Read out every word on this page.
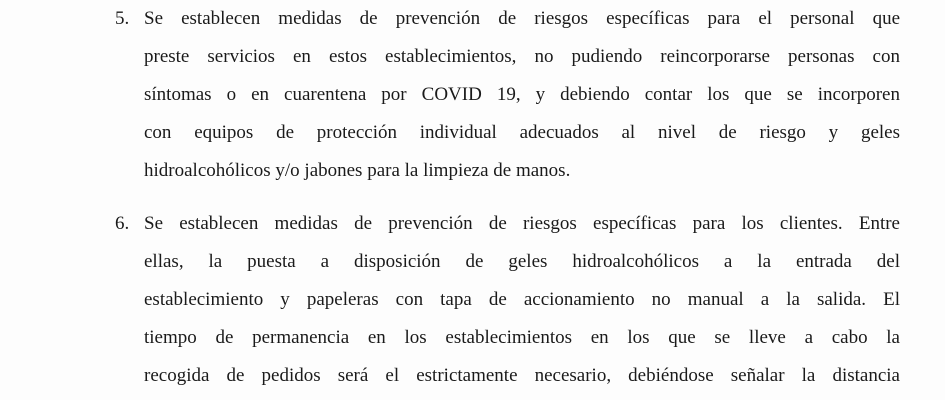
5. Se establecen medidas de prevención de riesgos específicas para el personal que
preste servicios en estos establecimientos, no pudiendo reincorporarse personas con
síntomas o en cuarentena por COVID 19, y debiendo contar los que se incorporen
con equipos de protección individual adecuados al nivel de riesgo y geles
hidroalcohólicos y/o jabones para la limpieza de manos.
6. Se establecen medidas de prevención de riesgos específicas para los clientes. Entre
ellas, la puesta a disposición de geles hidroalcohólicos a la entrada del
establecimiento y papeleras con tapa de accionamiento no manual a la salida. El
tiempo de permanencia en los establecimientos en los que se lleve a cabo la
recogida de pedidos será el estrictamente necesario, debiéndose señalar la distancia
